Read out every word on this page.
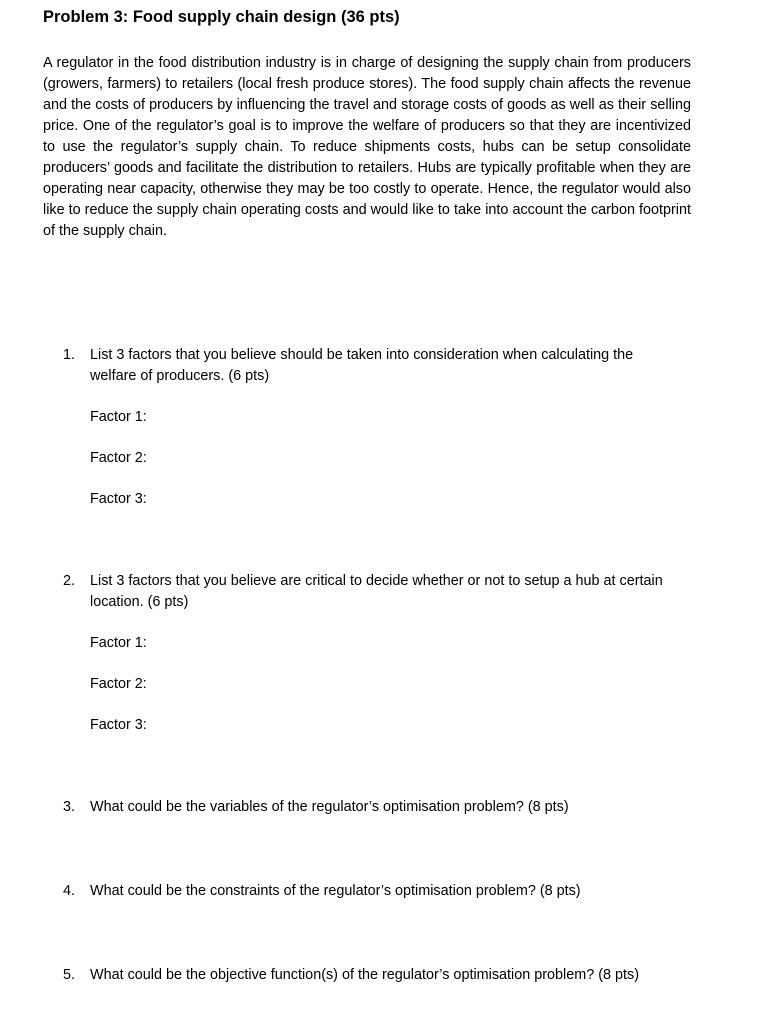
Problem 3: Food supply chain design (36 pts)

A regulator in the food distribution industry is in charge of designing the supply chain from producers (growers, farmers) to retailers (local fresh produce stores). The food supply chain affects the revenue and the costs of producers by influencing the travel and storage costs of goods as well as their selling price. One of the regulator’s goal is to improve the welfare of producers so that they are incentivized to use the regulator’s supply chain. To reduce shipments costs, hubs can be setup consolidate producers’ goods and facilitate the distribution to retailers. Hubs are typically profitable when they are operating near capacity, otherwise they may be too costly to operate. Hence, the regulator would also like to reduce the supply chain operating costs and would like to take into account the carbon footprint of the supply chain.

1.	List 3 factors that you believe should be taken into consideration when calculating the welfare of producers. (6 pts)
Factor 1:
Factor 2:
Factor 3:
2.	List 3 factors that you believe are critical to decide whether or not to setup a hub at certain location. (6 pts)
Factor 1:
Factor 2:
Factor 3:
3.	What could be the variables of the regulator’s optimisation problem? (8 pts)
4.	What could be the constraints of the regulator’s optimisation problem? (8 pts)
5.	What could be the objective function(s) of the regulator’s optimisation problem? (8 pts)
